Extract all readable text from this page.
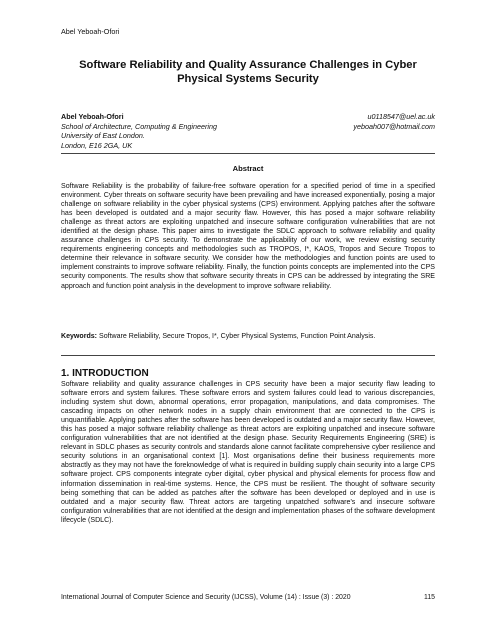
Abel Yeboah-Ofori
Software Reliability and Quality Assurance Challenges in Cyber Physical Systems Security
Abel Yeboah-Ofori
School of Architecture, Computing & Engineering
University of East London.
London, E16 2GA, UK
u0118547@uel.ac.uk
yeboah007@hotmail.com
Abstract
Software Reliability is the probability of failure-free software operation for a specified period of time in a specified environment. Cyber threats on software security have been prevailing and have increased exponentially, posing a major challenge on software reliability in the cyber physical systems (CPS) environment. Applying patches after the software has been developed is outdated and a major security flaw. However, this has posed a major software reliability challenge as threat actors are exploiting unpatched and insecure software configuration vulnerabilities that are not identified at the design phase. This paper aims to investigate the SDLC approach to software reliability and quality assurance challenges in CPS security. To demonstrate the applicability of our work, we review existing security requirements engineering concepts and methodologies such as TROPOS, I*, KAOS, Tropos and Secure Tropos to determine their relevance in software security. We consider how the methodologies and function points are used to implement constraints to improve software reliability. Finally, the function points concepts are implemented into the CPS security components. The results show that software security threats in CPS can be addressed by integrating the SRE approach and function point analysis in the development to improve software reliability.
Keywords: Software Reliability, Secure Tropos, I*, Cyber Physical Systems, Function Point Analysis.
1. INTRODUCTION
Software reliability and quality assurance challenges in CPS security have been a major security flaw leading to software errors and system failures. These software errors and system failures could lead to various discrepancies, including system shut down, abnormal operations, error propagation, manipulations, and data compromises. The cascading impacts on other network nodes in a supply chain environment that are connected to the CPS is unquantifiable. Applying patches after the software has been developed is outdated and a major security flaw. However, this has posed a major software reliability challenge as threat actors are exploiting unpatched and insecure software configuration vulnerabilities that are not identified at the design phase. Security Requirements Engineering (SRE) is relevant in SDLC phases as security controls and standards alone cannot facilitate comprehensive cyber resilience and security solutions in an organisational context [1]. Most organisations define their business requirements more abstractly as they may not have the foreknowledge of what is required in building supply chain security into a large CPS software project. CPS components integrate cyber digital, cyber physical and physical elements for process flow and information dissemination in real-time systems. Hence, the CPS must be resilient. The thought of software security being something that can be added as patches after the software has been developed or deployed and in use is outdated and a major security flaw. Threat actors are targeting unpatched software's and insecure software configuration vulnerabilities that are not identified at the design and implementation phases of the software development lifecycle (SDLC).
International Journal of Computer Science and Security (IJCSS), Volume (14) : Issue (3) : 2020	115
